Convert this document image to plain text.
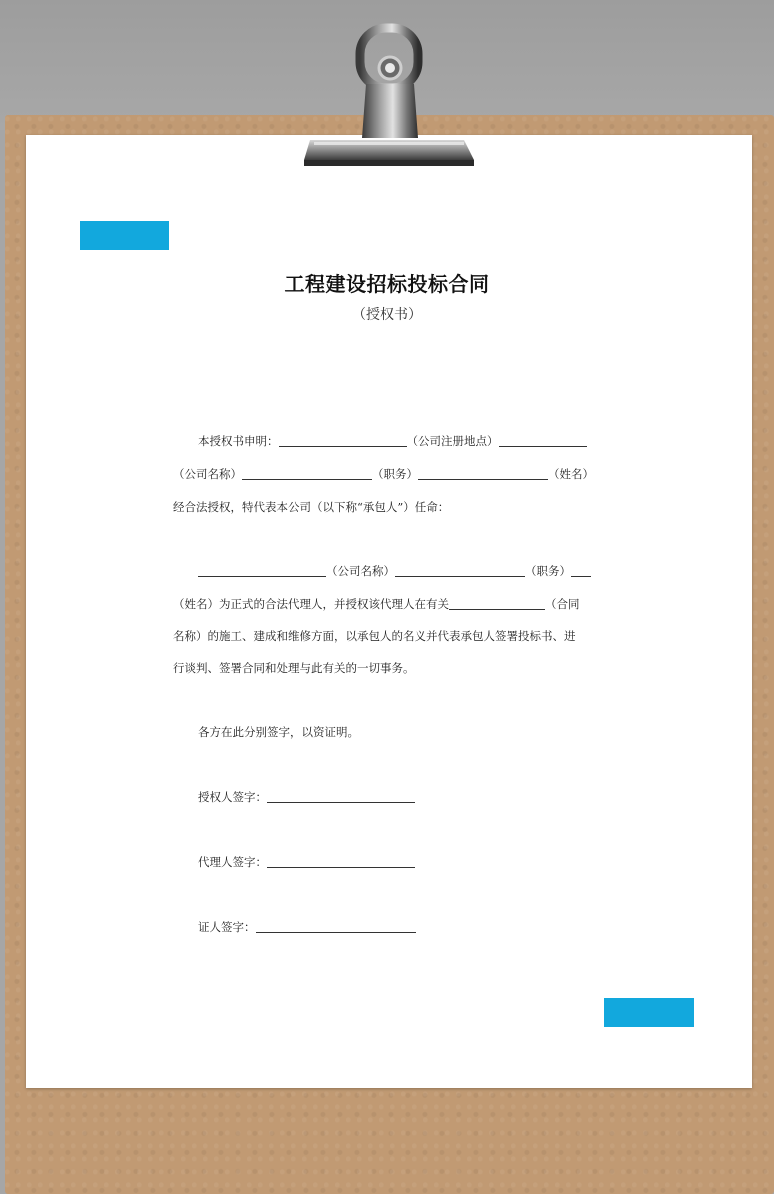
工程建设招标投标合同
（授权书）
本授权书申明：	（公司注册地点）
（公司名称）	（职务）	（姓名）
经合法授权，特代表本公司（以下称“承包人”）任命：
（公司名称）	（职务）
（姓名）为正式的合法代理人，并授权该代理人在有关	（合同
名称）的施工、建成和维修方面，以承包人的名义并代表承包人签署投标书、进
行谈判、签署合同和处理与此有关的一切事务。
各方在此分别签字，以资证明。
授权人签字：
代理人签字：
证人签字：
